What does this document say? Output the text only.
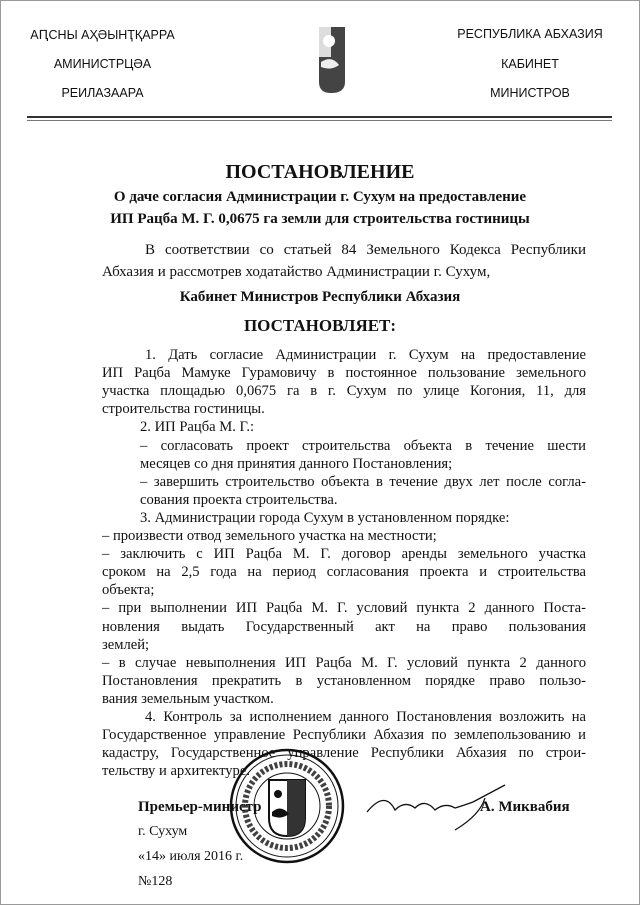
АԤСНЫ АҲӘЫНҬҚАРРА
АМИНИСТРЦӘА
РЕИЛАЗААРА
РЕСПУБЛИКА АБХАЗИЯ
КАБИНЕТ
МИНИСТРОВ
ПОСТАНОВЛЕНИЕ
О даче согласия Администрации г. Сухум на предоставление
ИП Рацба М. Г. 0,0675 га земли для строительства гостиницы
В соответствии со статьей 84 Земельного Кодекса Республики
Абхазия и рассмотрев ходатайство Администрации г. Сухум,
Кабинет Министров Республики Абхазия
ПОСТАНОВЛЯЕТ:
1. Дать согласие Администрации г. Сухум на предоставление
ИП Рацба Мамуке Гурамовичу в постоянное пользование земельного
участка площадью 0,0675 га в г. Сухум по улице Когония, 11, для
строительства гостиницы.
2. ИП Рацба М. Г.:
– согласовать проект строительства объекта в течение шести
месяцев со дня принятия данного Постановления;
– завершить строительство объекта в течение двух лет после согла-
сования проекта строительства.
3. Администрации города Сухум в установленном порядке:
– произвести отвод земельного участка на местности;
– заключить с ИП Рацба М. Г. договор аренды земельного участка
сроком на 2,5 года на период согласования проекта и строительства
объекта;
– при выполнении ИП Рацба М. Г. условий пункта 2 данного Поста-
новления выдать Государственный акт на право пользования
землей;
– в случае невыполнения ИП Рацба М. Г. условий пункта 2 данного
Постановления прекратить в установленном порядке право пользо-
вания земельным участком.
4. Контроль за исполнением данного Постановления возложить на
Государственное управление Республики Абхазия по землепользованию и
кадастру, Государственное управление Республики Абхазия по строи-
тельству и архитектуре.
Премьер-министр	А. Миквабия
г. Сухум
«14» июля 2016 г.
№128
